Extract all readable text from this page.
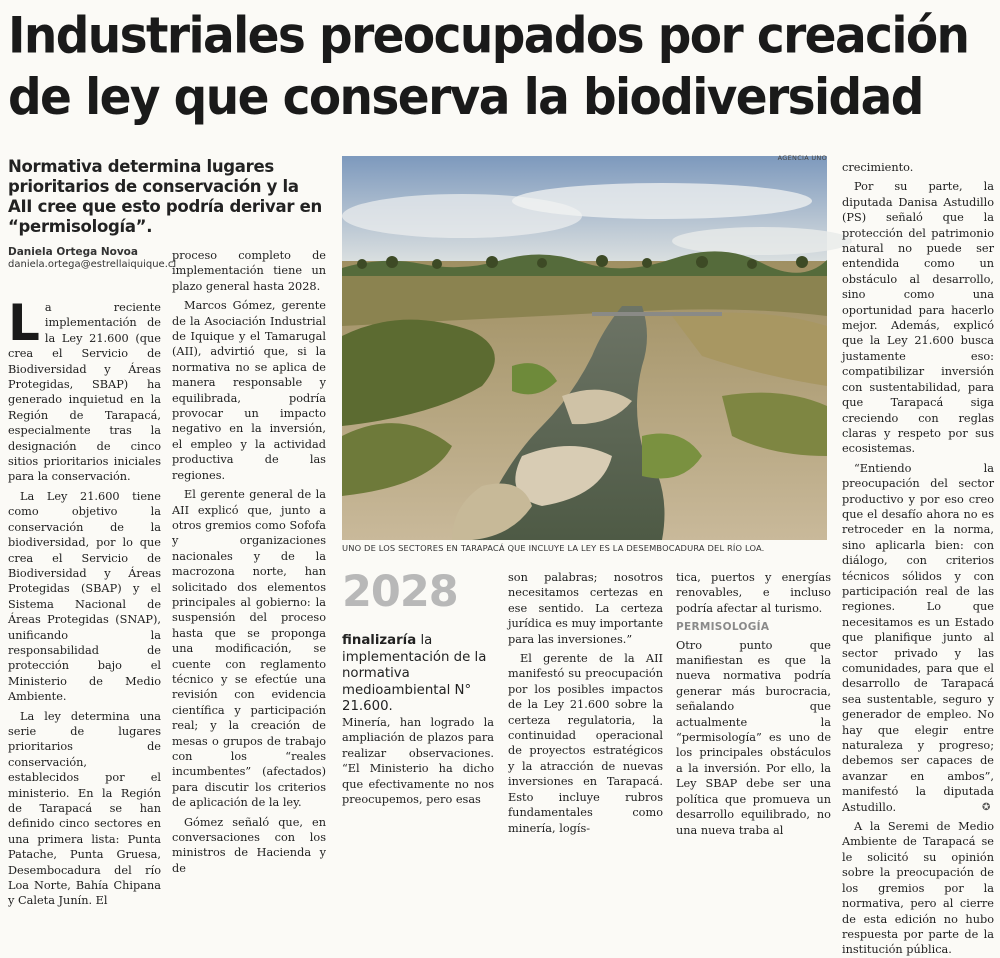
Industriales preocupados por creación de ley que conserva la biodiversidad
Normativa determina lugares prioritarios de conservación y la AII cree que esto podría derivar en “permisología”.
Daniela Ortega Novoa
daniela.ortega@estrellaiquique.cl

La reciente implementación de la Ley 21.600 (que crea el Servicio de Biodiversidad y Áreas Protegidas, SBAP) ha generado inquietud en la Región de Tarapacá, especialmente tras la designación de cinco sitios prioritarios iniciales para la conservación.

La Ley 21.600 tiene como objetivo la conservación de la biodiversidad, por lo que crea el Servicio de Biodiversidad y Áreas Protegidas (SBAP) y el Sistema Nacional de Áreas Protegidas (SNAP), unificando la responsabilidad de protección bajo el Ministerio de Medio Ambiente.

La ley determina una serie de lugares prioritarios de conservación, establecidos por el ministerio. En la Región de Tarapacá se han definido cinco sectores en una primera lista: Punta Patache, Punta Gruesa, Desembocadura del río Loa Norte, Bahía Chipana y Caleta Junín. El

proceso completo de implementación tiene un plazo general hasta 2028.

Marcos Gómez, gerente de la Asociación Industrial de Iquique y el Tamarugal (AII), advirtió que, si la normativa no se aplica de manera responsable y equilibrada, podría provocar un impacto negativo en la inversión, el empleo y la actividad productiva de las regiones.

El gerente general de la AII explicó que, junto a otros gremios como Sofofa y organizaciones nacionales y de la macrozona norte, han solicitado dos elementos principales al gobierno: la suspensión del proceso hasta que se proponga una modificación, se cuente con reglamento técnico y se efectúe una revisión con evidencia científica y participación real; y la creación de mesas o grupos de trabajo con los “reales incumbentes” (afectados) para discutir los criterios de aplicación de la ley.

Gómez señaló que, en conversaciones con los ministros de Hacienda y de

AGENCIA UNO
UNO DE LOS SECTORES EN TARAPACÁ QUE INCLUYE LA LEY ES LA DESEMBOCADURA DEL RÍO LOA.
2028
finalizaría la implementación de la normativa medioambiental N° 21.600.

Minería, han logrado la ampliación de plazos para realizar observaciones. “El Ministerio ha dicho que efectivamente no nos preocupemos, pero esas

son palabras; nosotros necesitamos certezas en ese sentido. La certeza jurídica es muy importante para las inversiones.”

El gerente de la AII manifestó su preocupación por los posibles impactos de la Ley 21.600 sobre la certeza regulatoria, la continuidad operacional de proyectos estratégicos y la atracción de nuevas inversiones en Tarapacá. Esto incluye rubros fundamentales como minería, logís-

tica, puertos y energías renovables, e incluso podría afectar al turismo.

PERMISOLOGÍA

Otro punto que manifiestan es que la nueva normativa podría generar más burocracia, señalando que actualmente la “permisología” es uno de los principales obstáculos a la inversión. Por ello, la Ley SBAP debe ser una política que promueva un desarrollo equilibrado, no una nueva traba al

crecimiento.

Por su parte, la diputada Danisa Astudillo (PS) señaló que la protección del patrimonio natural no puede ser entendida como un obstáculo al desarrollo, sino como una oportunidad para hacerlo mejor. Además, explicó que la Ley 21.600 busca justamente eso: compatibilizar inversión con sustentabilidad, para que Tarapacá siga creciendo con reglas claras y respeto por sus ecosistemas.

“Entiendo la preocupación del sector productivo y por eso creo que el desafío ahora no es retroceder en la norma, sino aplicarla bien: con diálogo, con criterios técnicos sólidos y con participación real de las regiones. Lo que necesitamos es un Estado que planifique junto al sector privado y las comunidades, para que el desarrollo de Tarapacá sea sustentable, seguro y generador de empleo. No hay que elegir entre naturaleza y progreso; debemos ser capaces de avanzar en ambos”, manifestó la diputada Astudillo.

A la Seremi de Medio Ambiente de Tarapacá se le solicitó su opinión sobre la preocupación de los gremios por la normativa, pero al cierre de esta edición no hubo respuesta por parte de la institución pública.

✪
